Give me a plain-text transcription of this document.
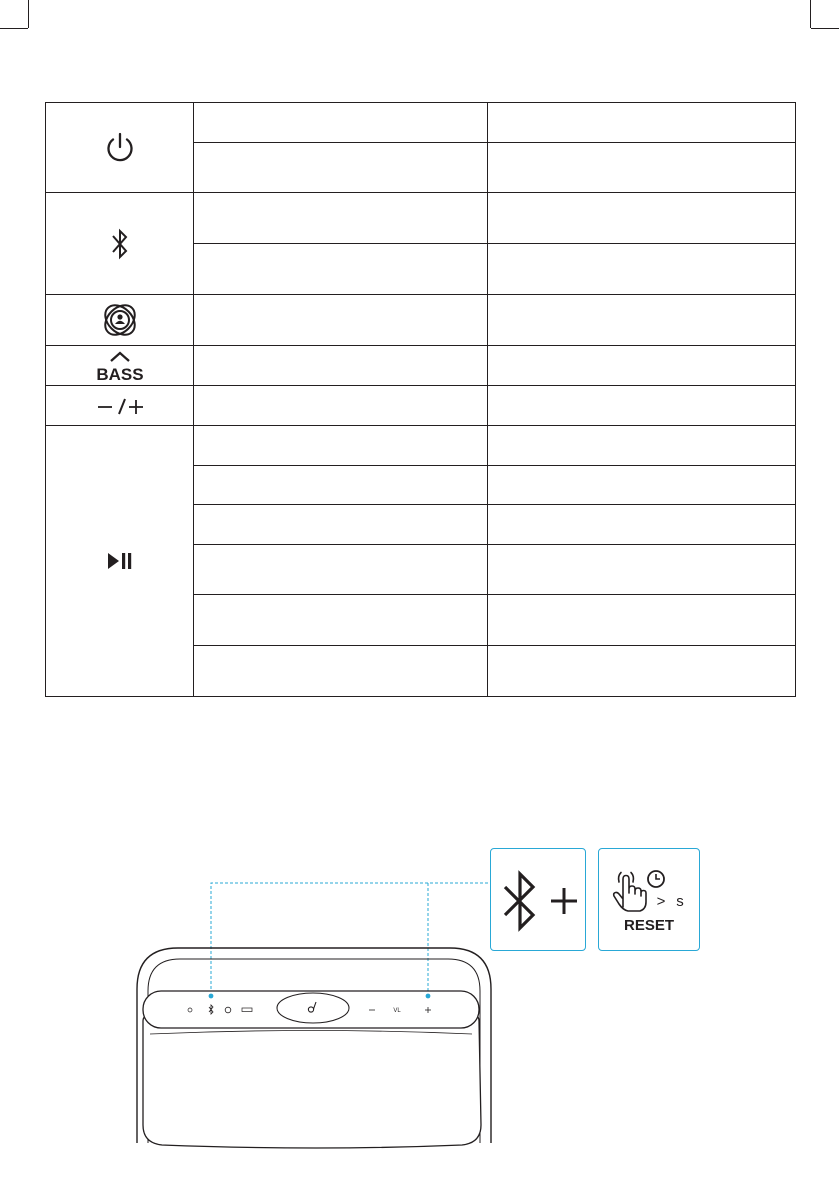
BASS		

> s
RESET
VL
